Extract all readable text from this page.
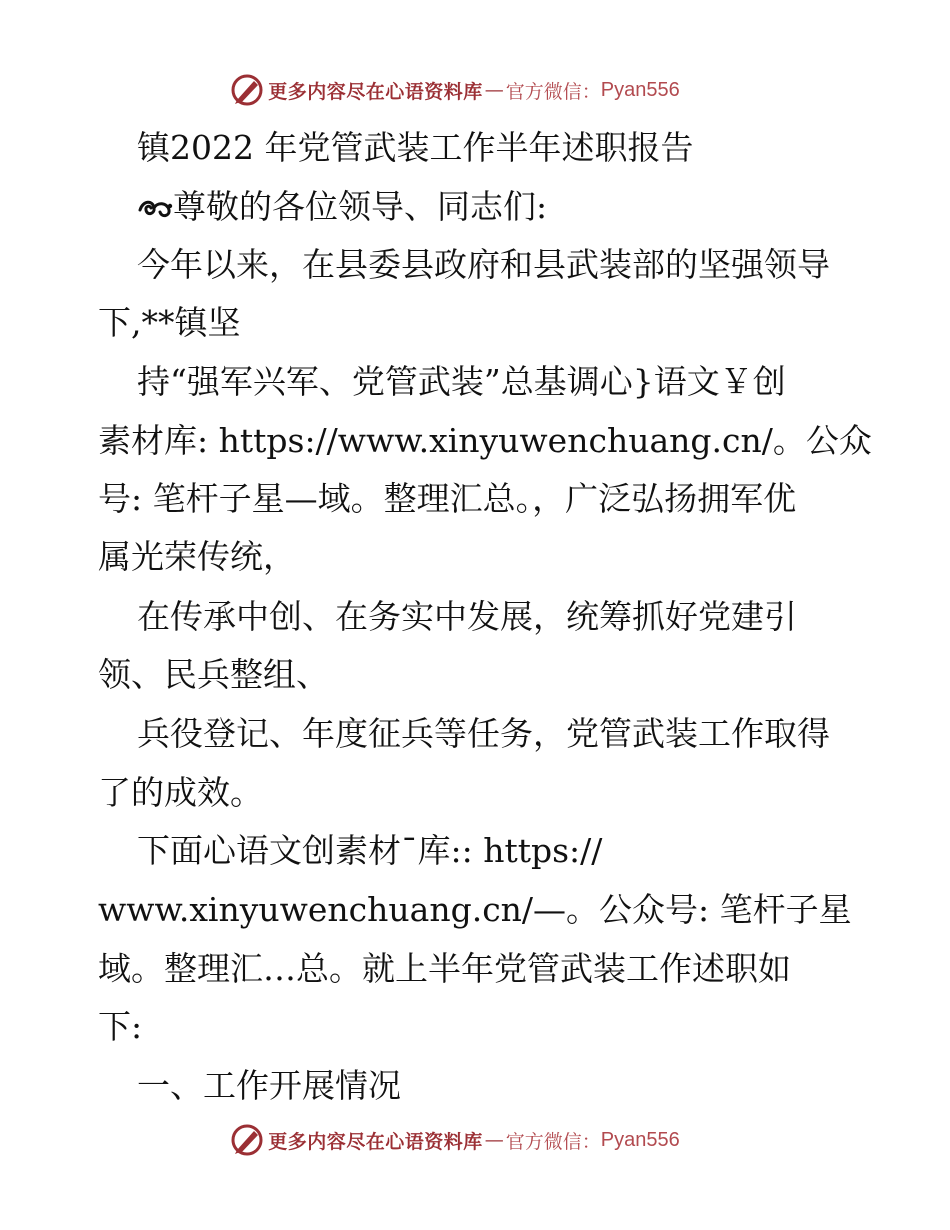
更多内容尽在心语资料库 — 官方微信： Pyan556
镇2022 年党管武装工作半年述职报告
尊敬的各位领导、同志们:
今年以来，在县委县政府和县武装部的坚强领导
下,**镇坚
持“强军兴军、党管武装”总基调心}语文￥创
素材库: https://www.xinyuwenchuang.cn/。公众
号: 笔杆子星—域。整理汇总。，广泛弘扬拥军优
属光荣传统，
在传承中创、在务实中发展，统筹抓好党建引
领、民兵整组、
兵役登记、年度征兵等任务，党管武装工作取得
了的成效。
下面心语文创素材¯库:: https://
www.xinyuwenchuang.cn/—。公众号: 笔杆子星
域。整理汇…总。就上半年党管武装工作述职如
下:
一、工作开展情况
更多内容尽在心语资料库 — 官方微信： Pyan556
